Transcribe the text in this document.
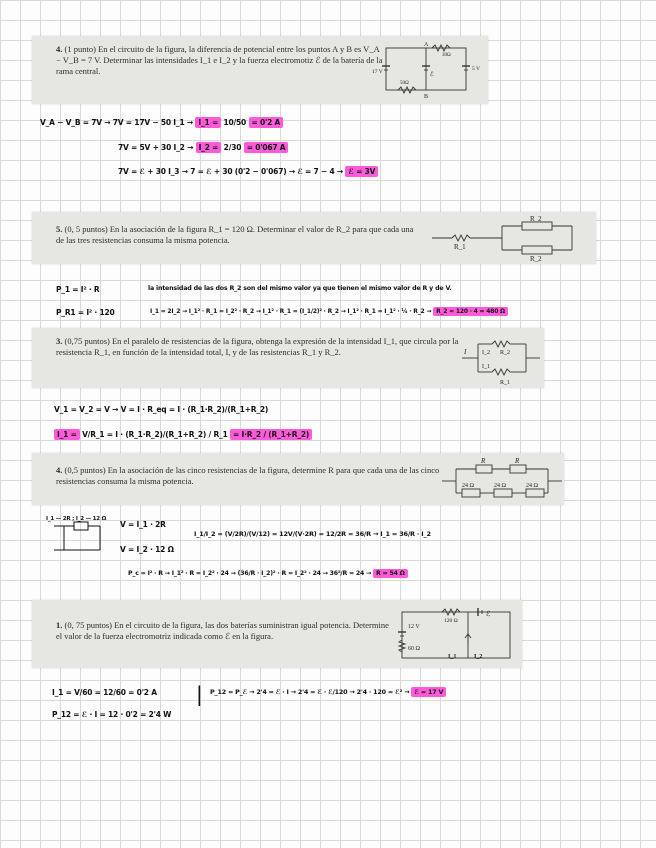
4. (1 punto) En el circuito de la figura, la diferencia de potencial entre los puntos A y B es V_A − V_B = 7 V. Determinar las intensidades I_1 e I_2 y la fuerza electromotiz ℰ de la batería de la rama central.
A
B
17 V
50Ω
30Ω
ℰ
5 V
V_A − V_B = 7V → 7V = 17V − 50 I_1 → I_1 = 10/50 = 0'2 A
7V = 5V + 30 I_2 → I_2 = 2/30 = 0'067 A
7V = ℰ + 30 I_3 → 7 = ℰ + 30 (0'2 − 0'067) → ℰ = 7 − 4 → ℰ = 3V
5. (0, 5 puntos) En la asociación de la figura R_1 = 120 Ω. Determinar el valor de R_2 para que cada una de las tres resistencias consuma la misma potencia.
R_1
R_2
R_2
P_1 = I² · R	la intensidad de las dos R_2 son del mismo valor ya que tienen el mismo valor de R y de V.
P_R1 = I² · 120	I_1 = 2I_2 → I_1² · R_1 = I_2² · R_2 → I_1² · R_1 = (I_1/2)² · R_2 → I_1² · R_1 = I_1² · ¼ · R_2 → R_2 = 120 · 4 = 480 Ω
3. (0,75 puntos) En el paralelo de resistencias de la figura, obtenga la expresión de la intensidad I_1, que circula por la resistencia R_1, en función de la intensidad total, I, y de las resistencias R_1 y R_2.	I	I_2 R_2
I_1
R_1
V_1 = V_2 = V → V = I · R_eq = I · (R_1·R_2)/(R_1+R_2)
I_1 = V/R_1 = I · (R_1·R_2)/(R_1+R_2) / R_1 = I·R_2 / (R_1+R_2)
4. (0,5 puntos) En la asociación de las cinco resistencias de la figura, determine R para que cada una de las cinco resistencias consuma la misma potencia.
R	R
24 Ω	24 Ω	24 Ω
I_1 — 2R ; I_2 — 12 Ω
V = I_1 · 2R
V = I_2 · 12 Ω
I_1/I_2 = (V/2R)/(V/12) = 12V/(V·2R) = 12/2R = 36/R → I_1 = 36/R · I_2
P_c = I² · R → I_1² · R = I_2² · 24 → (36/R · I_2)² · R = I_2² · 24 → 36²/R = 24 → R = 54 Ω
1. (0, 75 puntos) En el circuito de la figura, las dos baterías suministran igual potencia. Determine el valor de la fuerza electromotriz indicada como ℰ en la figura.
12 V
60 Ω
120 Ω
ℰ
I_1	I_2
I_1 = V/60 = 12/60 = 0'2 A
P_12 = ℰ · I = 12 · 0'2 = 2'4 W
| P_12 = P_ℰ → 2'4 = ℰ · I → 2'4 = ℰ · ℰ/120 → 2'4 · 120 = ℰ² → ℰ = 17 V
